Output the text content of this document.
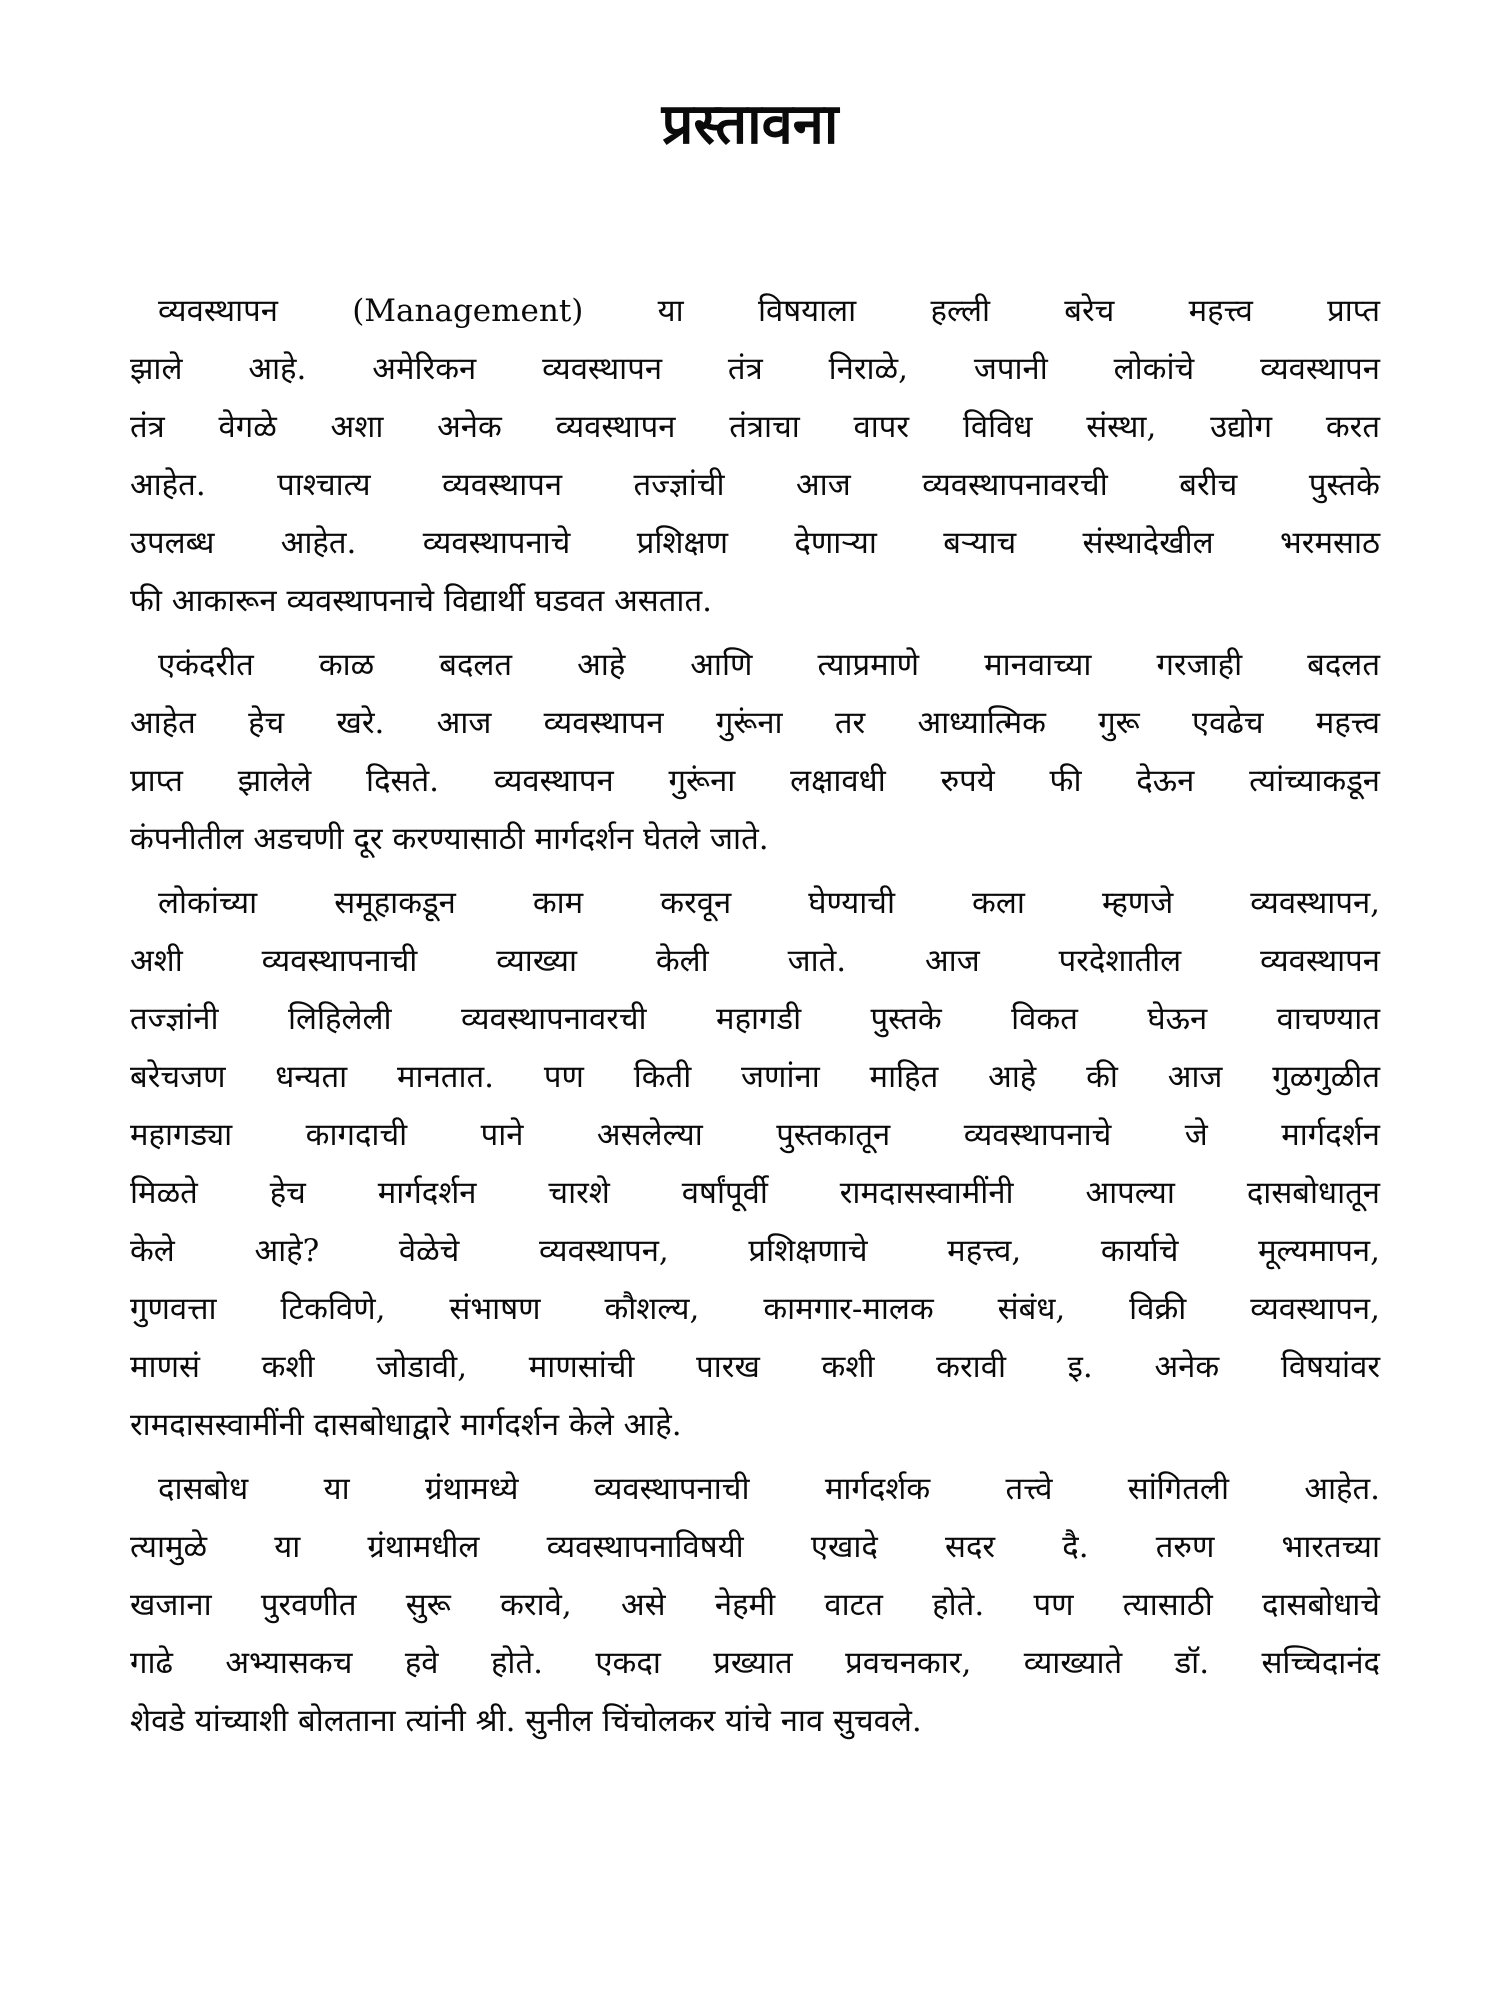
प्रस्तावना

व्यवस्थापन (Management) या विषयाला हल्ली बरेच महत्त्व प्राप्त
झाले आहे. अमेरिकन व्यवस्थापन तंत्र निराळे, जपानी लोकांचे व्यवस्थापन
तंत्र वेगळे अशा अनेक व्यवस्थापन तंत्राचा वापर विविध संस्था, उद्योग करत
आहेत. पाश्चात्य व्यवस्थापन तज्ज्ञांची आज व्यवस्थापनावरची बरीच पुस्तके
उपलब्ध आहेत. व्यवस्थापनाचे प्रशिक्षण देणाऱ्या बऱ्याच संस्थादेखील भरमसाठ
फी आकारून व्यवस्थापनाचे विद्यार्थी घडवत असतात.

एकंदरीत काळ बदलत आहे आणि त्याप्रमाणे मानवाच्या गरजाही बदलत
आहेत हेच खरे. आज व्यवस्थापन गुरूंना तर आध्यात्मिक गुरू एवढेच महत्त्व
प्राप्त झालेले दिसते. व्यवस्थापन गुरूंना लक्षावधी रुपये फी देऊन त्यांच्याकडून
कंपनीतील अडचणी दूर करण्यासाठी मार्गदर्शन घेतले जाते.

लोकांच्या समूहाकडून काम करवून घेण्याची कला म्हणजे व्यवस्थापन,
अशी व्यवस्थापनाची व्याख्या केली जाते. आज परदेशातील व्यवस्थापन
तज्ज्ञांनी लिहिलेली व्यवस्थापनावरची महागडी पुस्तके विकत घेऊन वाचण्यात
बरेचजण धन्यता मानतात. पण किती जणांना माहित आहे की आज गुळगुळीत
महागड्या कागदाची पाने असलेल्या पुस्तकातून व्यवस्थापनाचे जे मार्गदर्शन
मिळते हेच मार्गदर्शन चारशे वर्षांपूर्वी रामदासस्वामींनी आपल्या दासबोधातून
केले आहे? वेळेचे व्यवस्थापन, प्रशिक्षणाचे महत्त्व, कार्याचे मूल्यमापन,
गुणवत्ता टिकविणे, संभाषण कौशल्य, कामगार-मालक संबंध, विक्री व्यवस्थापन,
माणसं कशी जोडावी, माणसांची पारख कशी करावी इ. अनेक विषयांवर
रामदासस्वामींनी दासबोधाद्वारे मार्गदर्शन केले आहे.

दासबोध या ग्रंथामध्ये व्यवस्थापनाची मार्गदर्शक तत्त्वे सांगितली आहेत.
त्यामुळे या ग्रंथामधील व्यवस्थापनाविषयी एखादे सदर दै. तरुण भारतच्या
खजाना पुरवणीत सुरू करावे, असे नेहमी वाटत होते. पण त्यासाठी दासबोधाचे
गाढे अभ्यासकच हवे होते. एकदा प्रख्यात प्रवचनकार, व्याख्याते डॉ. सच्चिदानंद
शेवडे यांच्याशी बोलताना त्यांनी श्री. सुनील चिंचोलकर यांचे नाव सुचवले.
